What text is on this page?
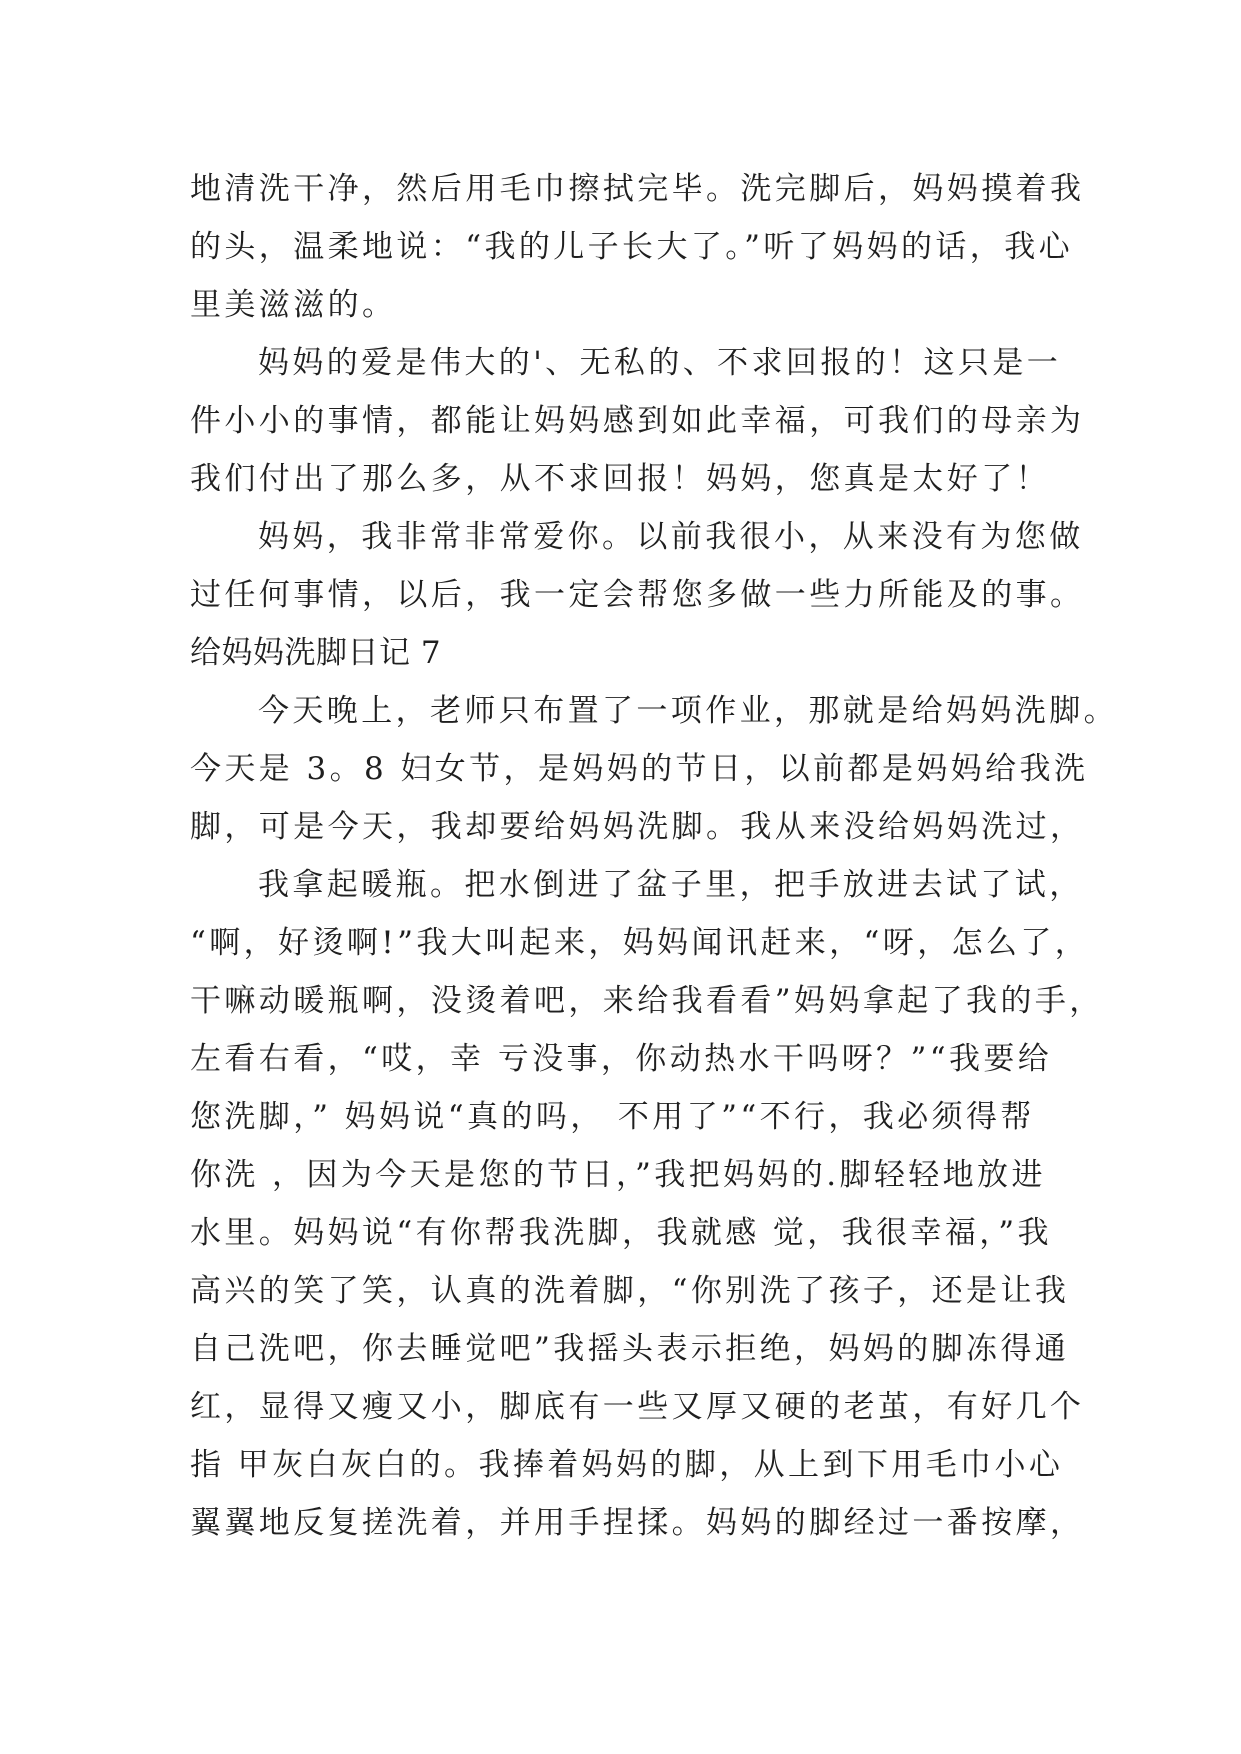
地清洗干净，然后用毛巾擦拭完毕。洗完脚后，妈妈摸着我
的头，温柔地说：“我的儿子长大了。”听了妈妈的话，我心
里美滋滋的。
妈妈的爱是伟大的'、无私的、不求回报的！这只是一
件小小的事情，都能让妈妈感到如此幸福，可我们的母亲为
我们付出了那么多，从不求回报！妈妈，您真是太好了！
妈妈，我非常非常爱你。以前我很小，从来没有为您做
过任何事情，以后，我一定会帮您多做一些力所能及的事。
给妈妈洗脚日记 7
今天晚上，老师只布置了一项作业，那就是给妈妈洗脚。
今天是 3。8 妇女节，是妈妈的节日，以前都是妈妈给我洗
脚，可是今天，我却要给妈妈洗脚。我从来没给妈妈洗过，
我拿起暖瓶。把水倒进了盆子里，把手放进去试了试，
“啊，好烫啊!”我大叫起来，妈妈闻讯赶来，“呀，怎么了，
干嘛动暖瓶啊，没烫着吧，来给我看看”妈妈拿起了我的手，
左看右看，“哎，幸 亏没事，你动热水干吗呀？”“我要给
您洗脚，” 妈妈说“真的吗， 不用了”“不行，我必须得帮
你洗 ，因为今天是您的节日，”我把妈妈的.脚轻轻地放进
水里。妈妈说“有你帮我洗脚，我就感 觉，我很幸福，”我
高兴的笑了笑，认真的洗着脚，“你别洗了孩子，还是让我
自己洗吧，你去睡觉吧”我摇头表示拒绝，妈妈的脚冻得通
红，显得又瘦又小，脚底有一些又厚又硬的老茧，有好几个
指 甲灰白灰白的。我捧着妈妈的脚，从上到下用毛巾小心
翼翼地反复搓洗着，并用手捏揉。妈妈的脚经过一番按摩，
